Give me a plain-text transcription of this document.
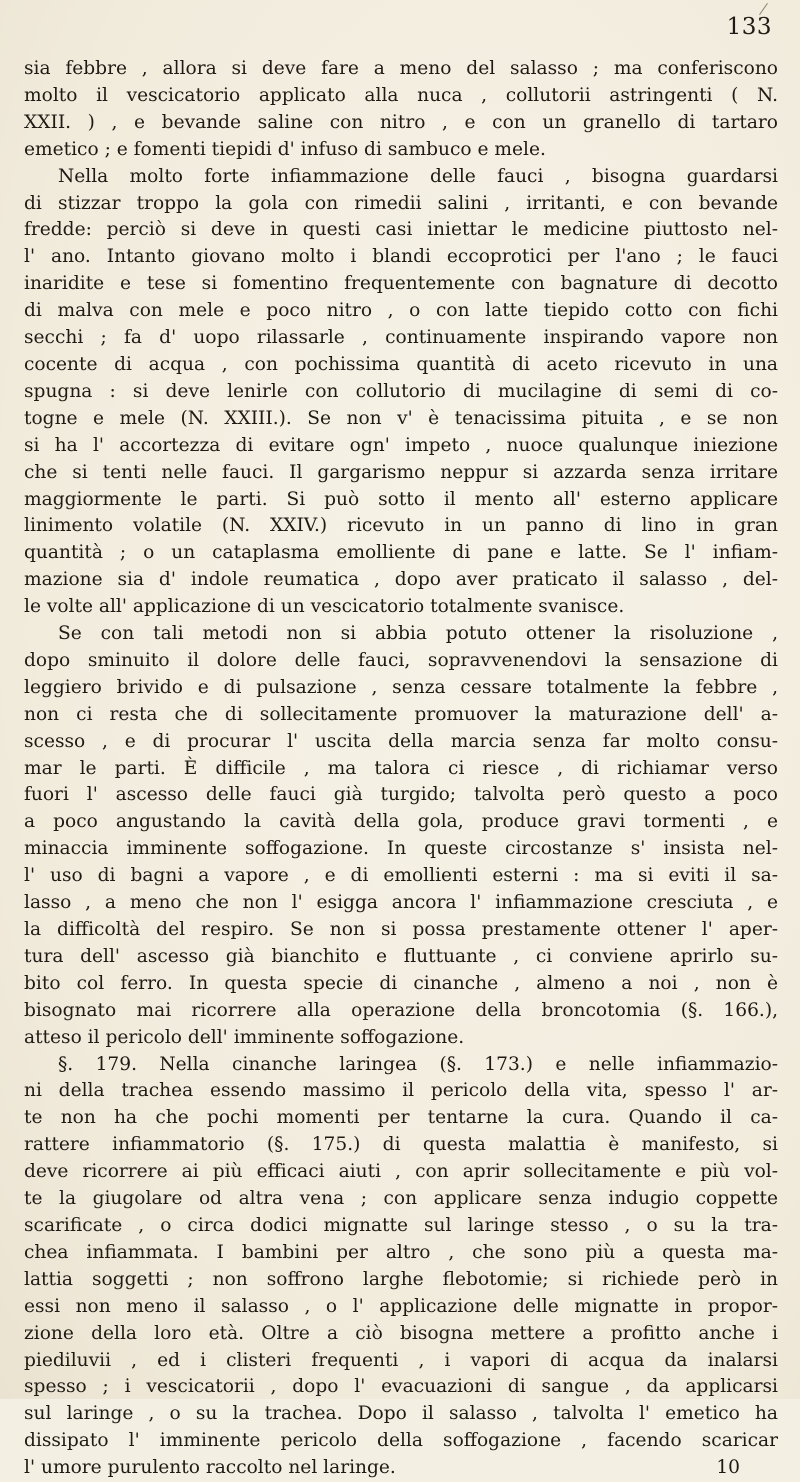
133
sia febbre , allora si deve fare a meno del salasso ; ma conferiscono
molto il vescicatorio applicato alla nuca , collutorii astringenti ( N.
XXII. ) , e bevande saline con nitro , e con un granello di tartaro
emetico ; e fomenti tiepidi d' infuso di sambuco e mele.
Nella molto forte infiammazione delle fauci , bisogna guardarsi
di stizzar troppo la gola con rimedii salini , irritanti, e con bevande
fredde: perciò si deve in questi casi iniettar le medicine piuttosto nel-
l' ano. Intanto giovano molto i blandi eccoprotici per l'ano ; le fauci
inaridite e tese si fomentino frequentemente con bagnature di decotto
di malva con mele e poco nitro , o con latte tiepido cotto con fichi
secchi ; fa d' uopo rilassarle , continuamente inspirando vapore non
cocente di acqua , con pochissima quantità di aceto ricevuto in una
spugna : si deve lenirle con collutorio di mucilagine di semi di co-
togne e mele (N. XXIII.). Se non v' è tenacissima pituita , e se non
si ha l' accortezza di evitare ogn' impeto , nuoce qualunque iniezione
che si tenti nelle fauci. Il gargarismo neppur si azzarda senza irritare
maggiormente le parti. Si può sotto il mento all' esterno applicare
linimento volatile (N. XXIV.) ricevuto in un panno di lino in gran
quantità ; o un cataplasma emolliente di pane e latte. Se l' infiam-
mazione sia d' indole reumatica , dopo aver praticato il salasso , del-
le volte all' applicazione di un vescicatorio totalmente svanisce.
Se con tali metodi non si abbia potuto ottener la risoluzione ,
dopo sminuito il dolore delle fauci, sopravvenendovi la sensazione di
leggiero brivido e di pulsazione , senza cessare totalmente la febbre ,
non ci resta che di sollecitamente promuover la maturazione dell' a-
scesso , e di procurar l' uscita della marcia senza far molto consu-
mar le parti. È difficile , ma talora ci riesce , di richiamar verso
fuori l' ascesso delle fauci già turgido; talvolta però questo a poco
a poco angustando la cavità della gola, produce gravi tormenti , e
minaccia imminente soffogazione. In queste circostanze s' insista nel-
l' uso di bagni a vapore , e di emollienti esterni : ma si eviti il sa-
lasso , a meno che non l' esigga ancora l' infiammazione cresciuta , e
la difficoltà del respiro. Se non si possa prestamente ottener l' aper-
tura dell' ascesso già bianchito e fluttuante , ci conviene aprirlo su-
bito col ferro. In questa specie di cinanche , almeno a noi , non è
bisognato mai ricorrere alla operazione della broncotomia (§. 166.),
atteso il pericolo dell' imminente soffogazione.
§. 179. Nella cinanche laringea (§. 173.) e nelle infiammazio-
ni della trachea essendo massimo il pericolo della vita, spesso l' ar-
te non ha che pochi momenti per tentarne la cura. Quando il ca-
rattere infiammatorio (§. 175.) di questa malattia è manifesto, si
deve ricorrere ai più efficaci aiuti , con aprir sollecitamente e più vol-
te la giugolare od altra vena ; con applicare senza indugio coppette
scarificate , o circa dodici mignatte sul laringe stesso , o su la tra-
chea infiammata. I bambini per altro , che sono più a questa ma-
lattia soggetti ; non soffrono larghe flebotomie; si richiede però in
essi non meno il salasso , o l' applicazione delle mignatte in propor-
zione della loro età. Oltre a ciò bisogna mettere a profitto anche i
piediluvii , ed i clisteri frequenti , i vapori di acqua da inalarsi
spesso ; i vescicatorii , dopo l' evacuazioni di sangue , da applicarsi
sul laringe , o su la trachea. Dopo il salasso , talvolta l' emetico ha
dissipato l' imminente pericolo della soffogazione , facendo scaricar
l' umore purulento raccolto nel laringe.	10
